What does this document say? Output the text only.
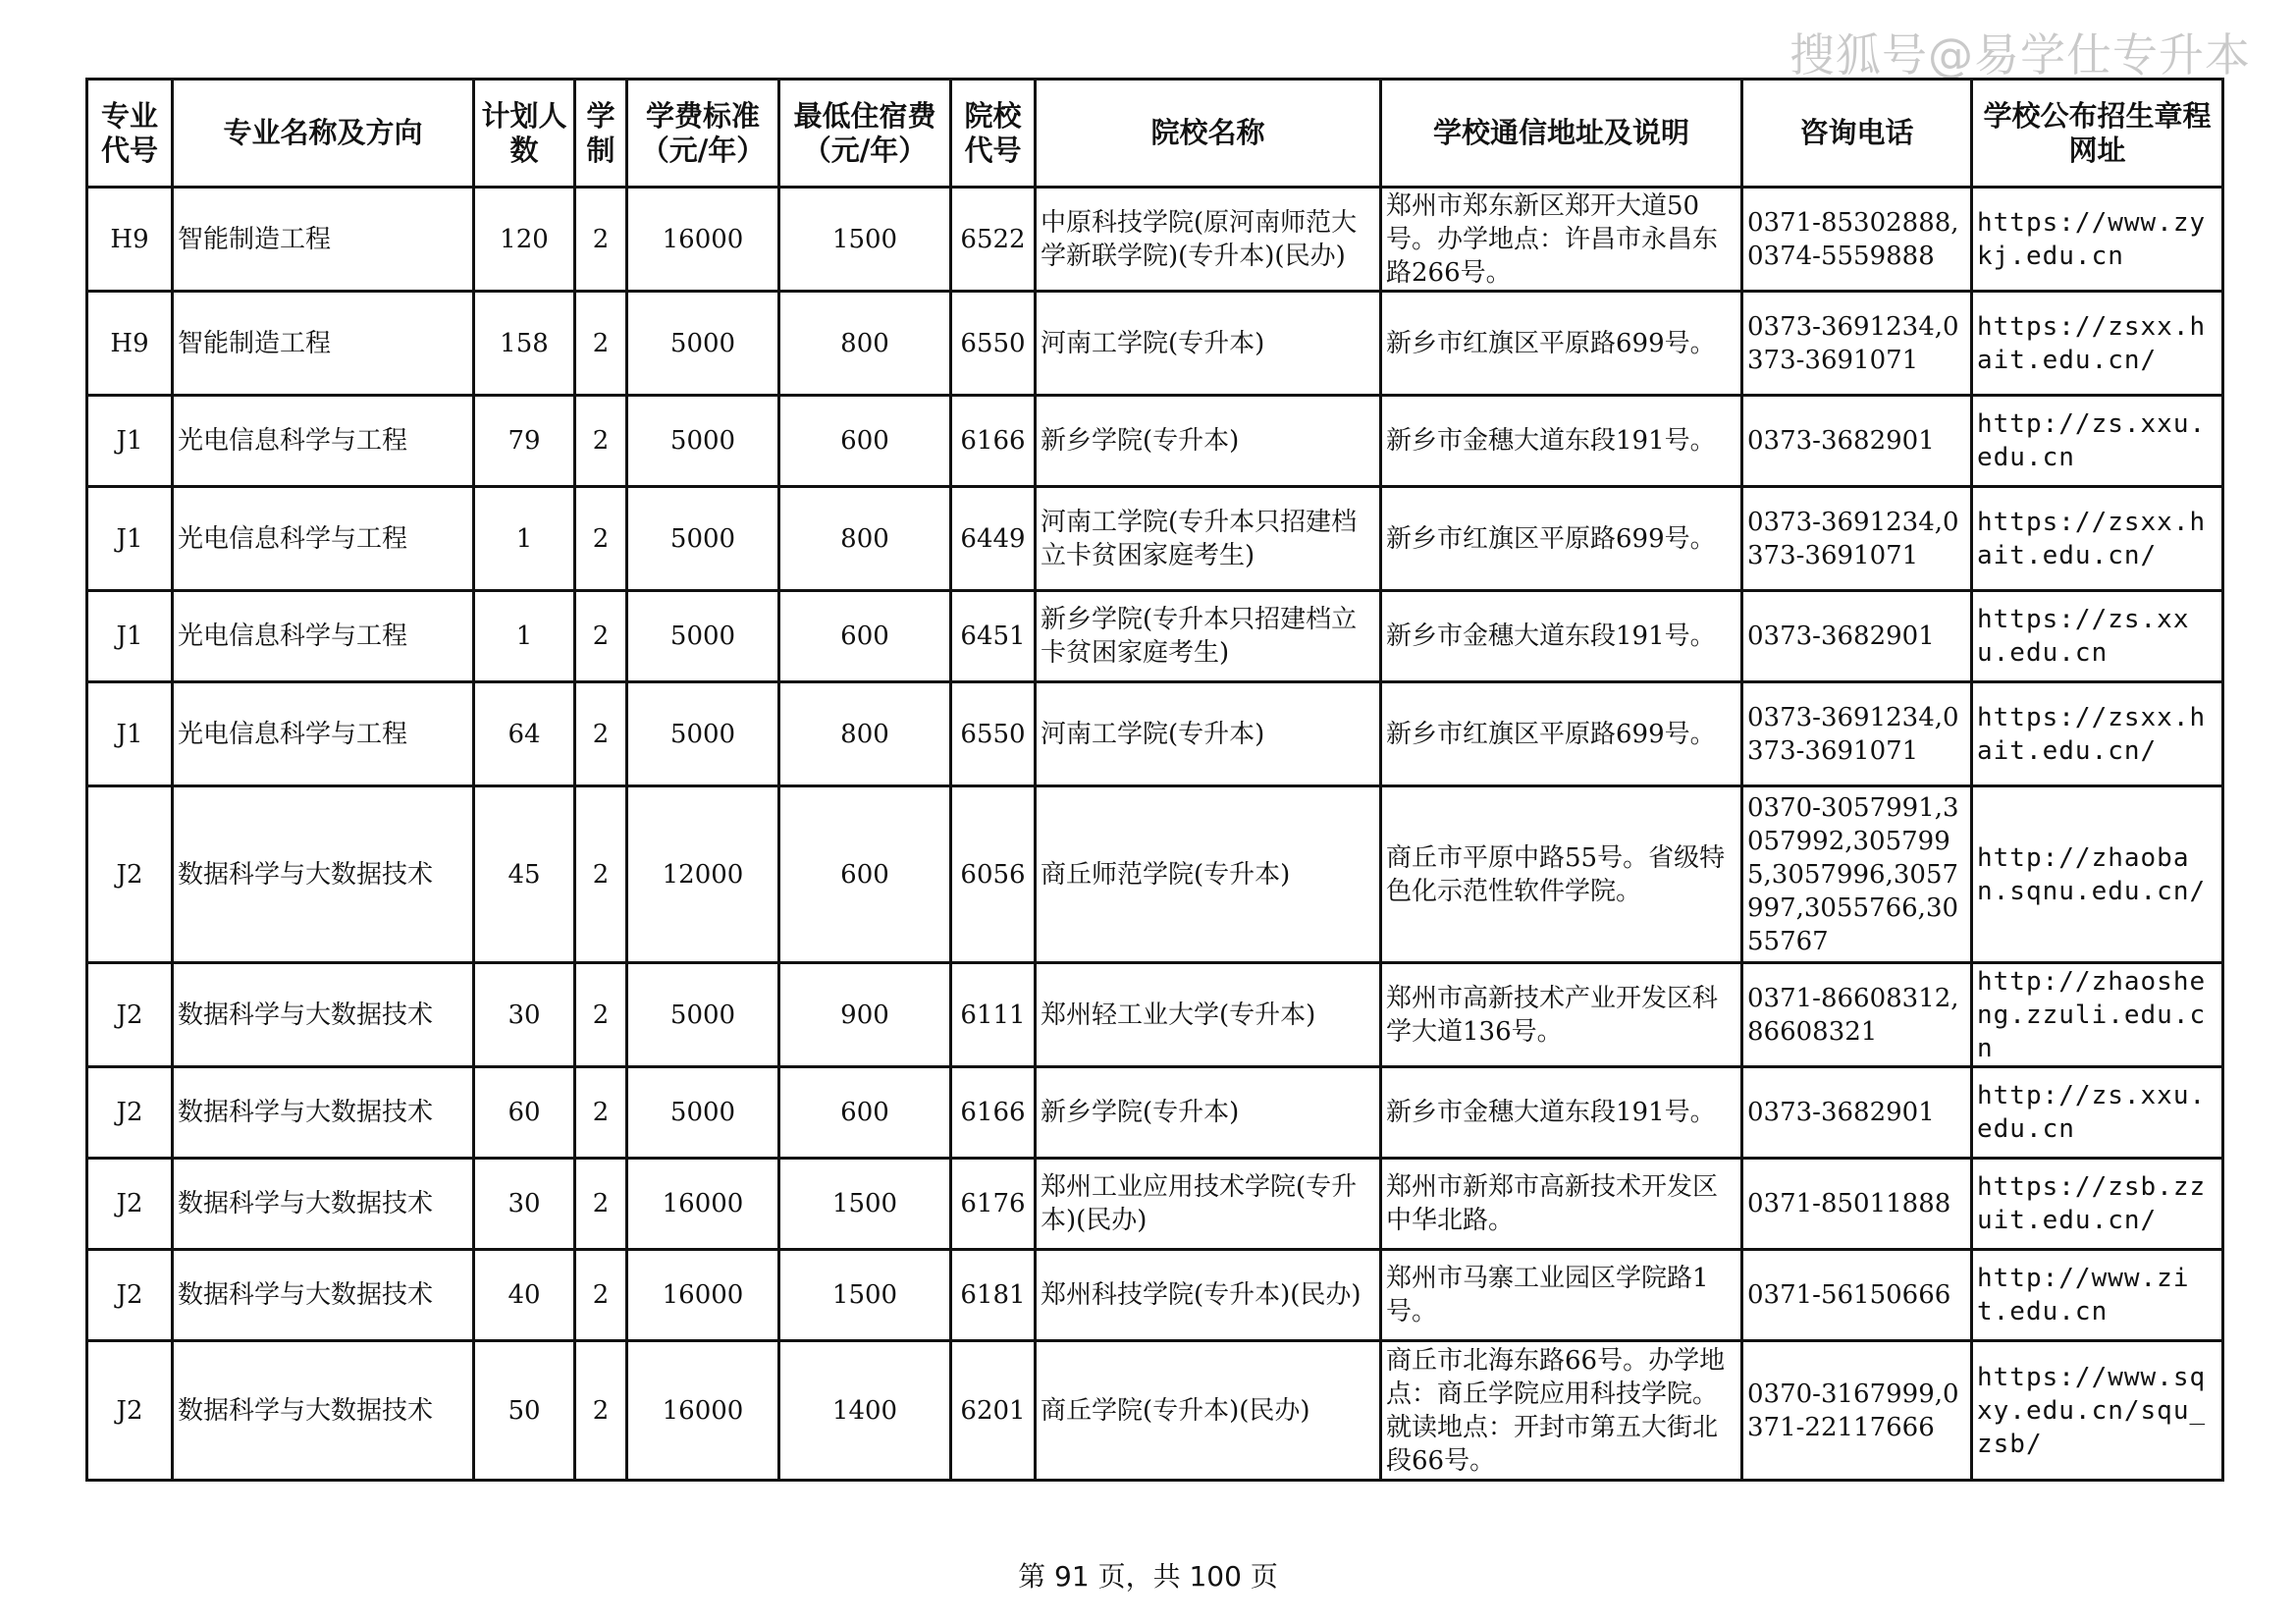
搜狐号@易学仕专升本
专业代号	专业名称及方向	计划人数	学制	学费标准（元/年）	最低住宿费（元/年）	院校代号	院校名称	学校通信地址及说明	咨询电话	学校公布招生章程网址
H9	智能制造工程	120	2	16000	1500	6522	中原科技学院(原河南师范大学新联学院)(专升本)(民办)	郑州市郑东新区郑开大道50号。办学地点：许昌市永昌东路266号。	0371-85302888,0374-5559888	https://www.zykj.edu.cn
H9	智能制造工程	158	2	5000	800	6550	河南工学院(专升本)	新乡市红旗区平原路699号。	0373-3691234,0373-3691071	https://zsxx.hait.edu.cn/
J1	光电信息科学与工程	79	2	5000	600	6166	新乡学院(专升本)	新乡市金穗大道东段191号。	0373-3682901	http://zs.xxu.edu.cn
J1	光电信息科学与工程	1	2	5000	800	6449	河南工学院(专升本只招建档立卡贫困家庭考生)	新乡市红旗区平原路699号。	0373-3691234,0373-3691071	https://zsxx.hait.edu.cn/
J1	光电信息科学与工程	1	2	5000	600	6451	新乡学院(专升本只招建档立卡贫困家庭考生)	新乡市金穗大道东段191号。	0373-3682901	https://zs.xxu.edu.cn
J1	光电信息科学与工程	64	2	5000	800	6550	河南工学院(专升本)	新乡市红旗区平原路699号。	0373-3691234,0373-3691071	https://zsxx.hait.edu.cn/
J2	数据科学与大数据技术	45	2	12000	600	6056	商丘师范学院(专升本)	商丘市平原中路55号。省级特色化示范性软件学院。	0370-3057991,3057992,3057995,3057996,3057997,3055766,3055767	http://zhaoban.sqnu.edu.cn/
J2	数据科学与大数据技术	30	2	5000	900	6111	郑州轻工业大学(专升本)	郑州市高新技术产业开发区科学大道136号。	0371-86608312,86608321	http://zhaosheng.zzuli.edu.cn
J2	数据科学与大数据技术	60	2	5000	600	6166	新乡学院(专升本)	新乡市金穗大道东段191号。	0373-3682901	http://zs.xxu.edu.cn
J2	数据科学与大数据技术	30	2	16000	1500	6176	郑州工业应用技术学院(专升本)(民办)	郑州市新郑市高新技术开发区中华北路。	0371-85011888	https://zsb.zzuit.edu.cn/
J2	数据科学与大数据技术	40	2	16000	1500	6181	郑州科技学院(专升本)(民办)	郑州市马寨工业园区学院路1号。	0371-56150666	http://www.zit.edu.cn
J2	数据科学与大数据技术	50	2	16000	1400	6201	商丘学院(专升本)(民办)	商丘市北海东路66号。办学地点：商丘学院应用科技学院。就读地点：开封市第五大街北段66号。	0370-3167999,0371-22117666	https://www.sqxy.edu.cn/squ_zsb/
第 91 页，共 100 页
